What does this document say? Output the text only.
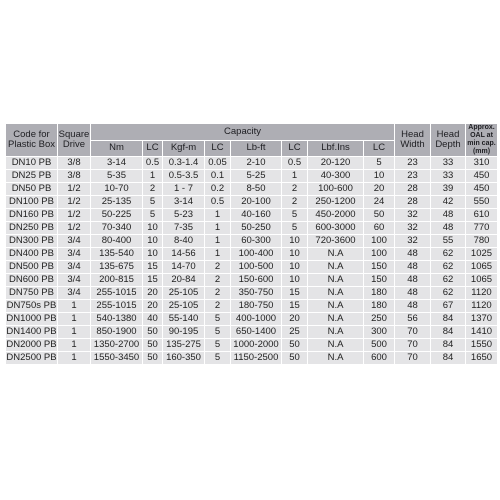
Code for Plastic Box	Square Drive	Capacity								Head Width	Head Depth	Approx. OAL at min cap. (mm)
		Nm	LC	Kgf-m	LC	Lb-ft	LC	Lbf.Ins	LC			
DN10 PB	3/8	3-14	0.5	0.3-1.4	0.05	2-10	0.5	20-120	5	23	33	310
DN25 PB	3/8	5-35	1	0.5-3.5	0.1	5-25	1	40-300	10	23	33	450
DN50 PB	1/2	10-70	2	1 - 7	0.2	8-50	2	100-600	20	28	39	450
DN100 PB	1/2	25-135	5	3-14	0.5	20-100	2	250-1200	24	28	42	550
DN160 PB	1/2	50-225	5	5-23	1	40-160	5	450-2000	50	32	48	610
DN250 PB	1/2	70-340	10	7-35	1	50-250	5	600-3000	60	32	48	770
DN300 PB	3/4	80-400	10	8-40	1	60-300	10	720-3600	100	32	55	780
DN400 PB	3/4	135-540	10	14-56	1	100-400	10	N.A	100	48	62	1025
DN500 PB	3/4	135-675	15	14-70	2	100-500	10	N.A	150	48	62	1065
DN600 PB	3/4	200-815	15	20-84	2	150-600	10	N.A	150	48	62	1065
DN750 PB	3/4	255-1015	20	25-105	2	350-750	15	N.A	180	48	62	1120
DN750s PB	1	255-1015	20	25-105	2	180-750	15	N.A	180	48	67	1120
DN1000 PB	1	540-1380	40	55-140	5	400-1000	20	N.A	250	56	84	1370
DN1400 PB	1	850-1900	50	90-195	5	650-1400	25	N.A	300	70	84	1410
DN2000 PB	1	1350-2700	50	135-275	5	1000-2000	50	N.A	500	70	84	1550
DN2500 PB	1	1550-3450	50	160-350	5	1150-2500	50	N.A	600	70	84	1650
